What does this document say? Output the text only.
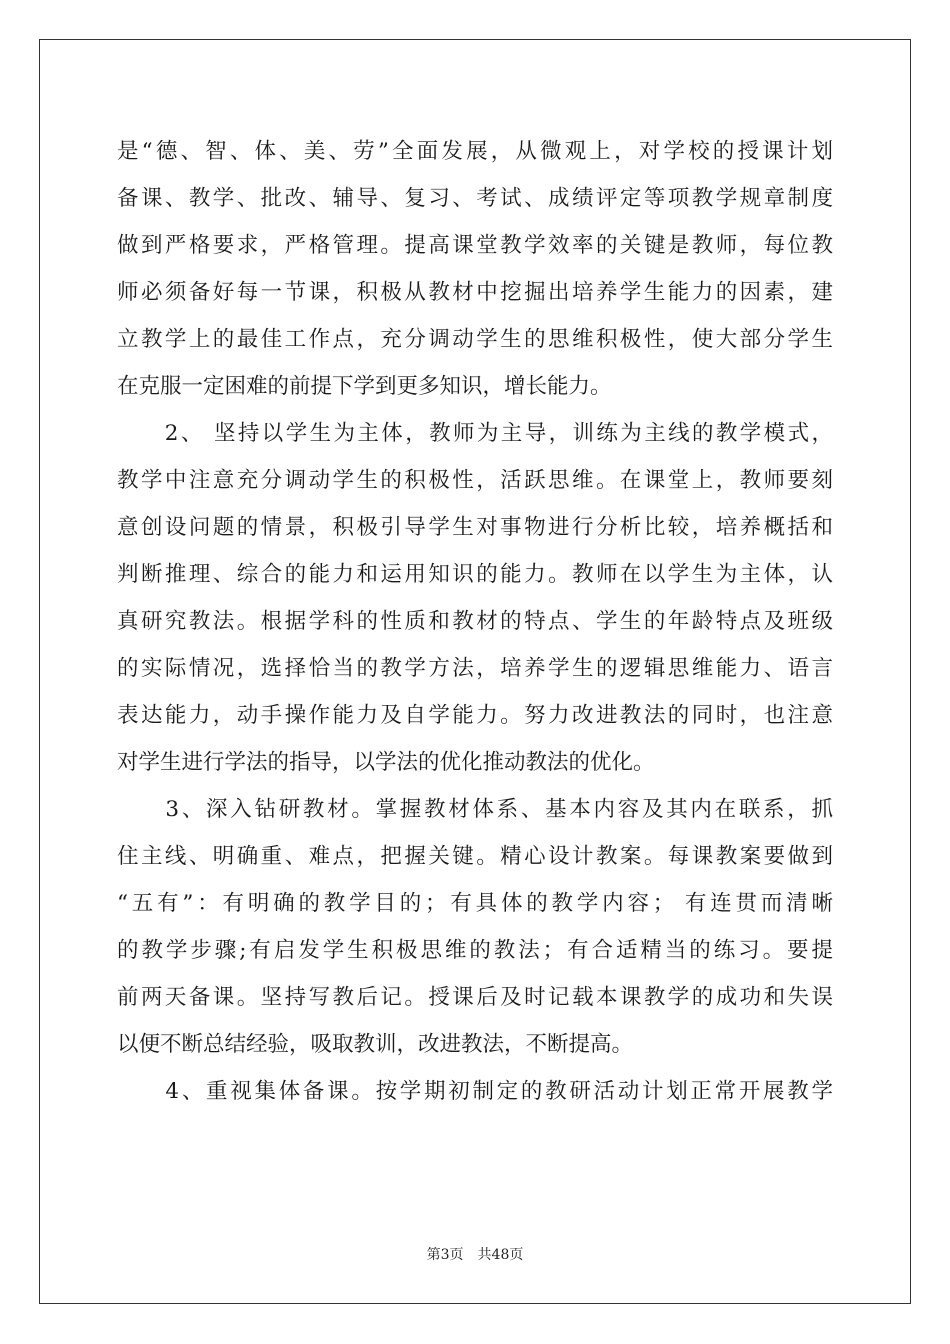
是“德、智、体、美、劳”全面发展，从微观上，对学校的授课计划
备课、教学、批改、辅导、复习、考试、成绩评定等项教学规章制度
做到严格要求，严格管理。提高课堂教学效率的关键是教师，每位教
师必须备好每一节课，积极从教材中挖掘出培养学生能力的因素，建
立教学上的最佳工作点，充分调动学生的思维积极性，使大部分学生
在克服一定困难的前提下学到更多知识，增长能力。
　　2、 坚持以学生为主体，教师为主导，训练为主线的教学模式，
教学中注意充分调动学生的积极性，活跃思维。在课堂上，教师要刻
意创设问题的情景，积极引导学生对事物进行分析比较，培养概括和
判断推理、综合的能力和运用知识的能力。教师在以学生为主体，认
真研究教法。根据学科的性质和教材的特点、学生的年龄特点及班级
的实际情况，选择恰当的教学方法，培养学生的逻辑思维能力、语言
表达能力，动手操作能力及自学能力。努力改进教法的同时，也注意
对学生进行学法的指导，以学法的优化推动教法的优化。
　　3、深入钻研教材。掌握教材体系、基本内容及其内在联系，抓
住主线、明确重、难点，把握关键。精心设计教案。每课教案要做到
“五有”：有明确的教学目的；有具体的教学内容； 有连贯而清晰
的教学步骤;有启发学生积极思维的教法；有合适精当的练习。要提
前两天备课。坚持写教后记。授课后及时记载本课教学的成功和失误
以便不断总结经验，吸取教训，改进教法，不断提高。
　　4、重视集体备课。按学期初制定的教研活动计划正常开展教学
第3页 共48页
